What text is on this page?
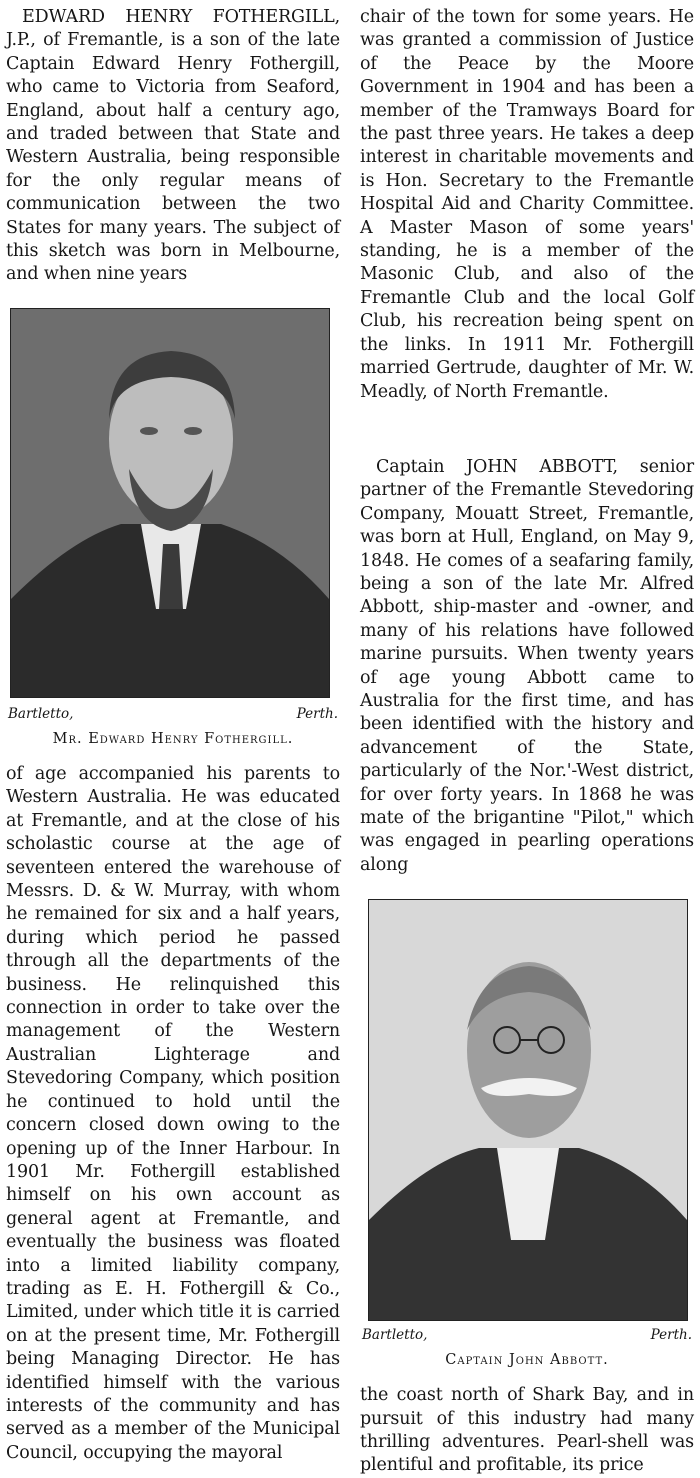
EDWARD HENRY FOTHERGILL, J.P., of Fremantle, is a son of the late Captain Edward Henry Fothergill, who came to Victoria from Seaford, England, about half a century ago, and traded between that State and Western Australia, being responsible for the only regular means of communication between the two States for many years. The subject of this sketch was born in Melbourne, and when nine years

Bartletto,	Perth.

Mr. Edward Henry Fothergill.

of age accompanied his parents to Western Australia. He was educated at Fremantle, and at the close of his scholastic course at the age of seventeen entered the warehouse of Messrs. D. & W. Murray, with whom he remained for six and a half years, during which period he passed through all the departments of the business. He relinquished this connection in order to take over the management of the Western Australian Lighterage and Stevedoring Company, which position he continued to hold until the concern closed down owing to the opening up of the Inner Harbour. In 1901 Mr. Fothergill established himself on his own account as general agent at Fremantle, and eventually the business was floated into a limited liability company, trading as E. H. Fothergill & Co., Limited, under which title it is carried on at the present time, Mr. Fothergill being Managing Director. He has identified himself with the various interests of the community and has served as a member of the Municipal Council, occupying the mayoral

chair of the town for some years. He was granted a commission of Justice of the Peace by the Moore Government in 1904 and has been a member of the Tramways Board for the past three years. He takes a deep interest in charitable movements and is Hon. Secretary to the Fremantle Hospital Aid and Charity Committee. A Master Mason of some years' standing, he is a member of the Masonic Club, and also of the Fremantle Club and the local Golf Club, his recreation being spent on the links. In 1911 Mr. Fothergill married Gertrude, daughter of Mr. W. Meadly, of North Fremantle.

Captain JOHN ABBOTT, senior partner of the Fremantle Stevedoring Company, Mouatt Street, Fremantle, was born at Hull, England, on May 9, 1848. He comes of a seafaring family, being a son of the late Mr. Alfred Abbott, ship-master and -owner, and many of his relations have followed marine pursuits. When twenty years of age young Abbott came to Australia for the first time, and has been identified with the history and advancement of the State, particularly of the Nor.'-West district, for over forty years. In 1868 he was mate of the brigantine "Pilot," which was engaged in pearling operations along

Bartletto,	Perth.

Captain John Abbott.

the coast north of Shark Bay, and in pursuit of this industry had many thrilling adventures. Pearl-shell was plentiful and profitable, its price
